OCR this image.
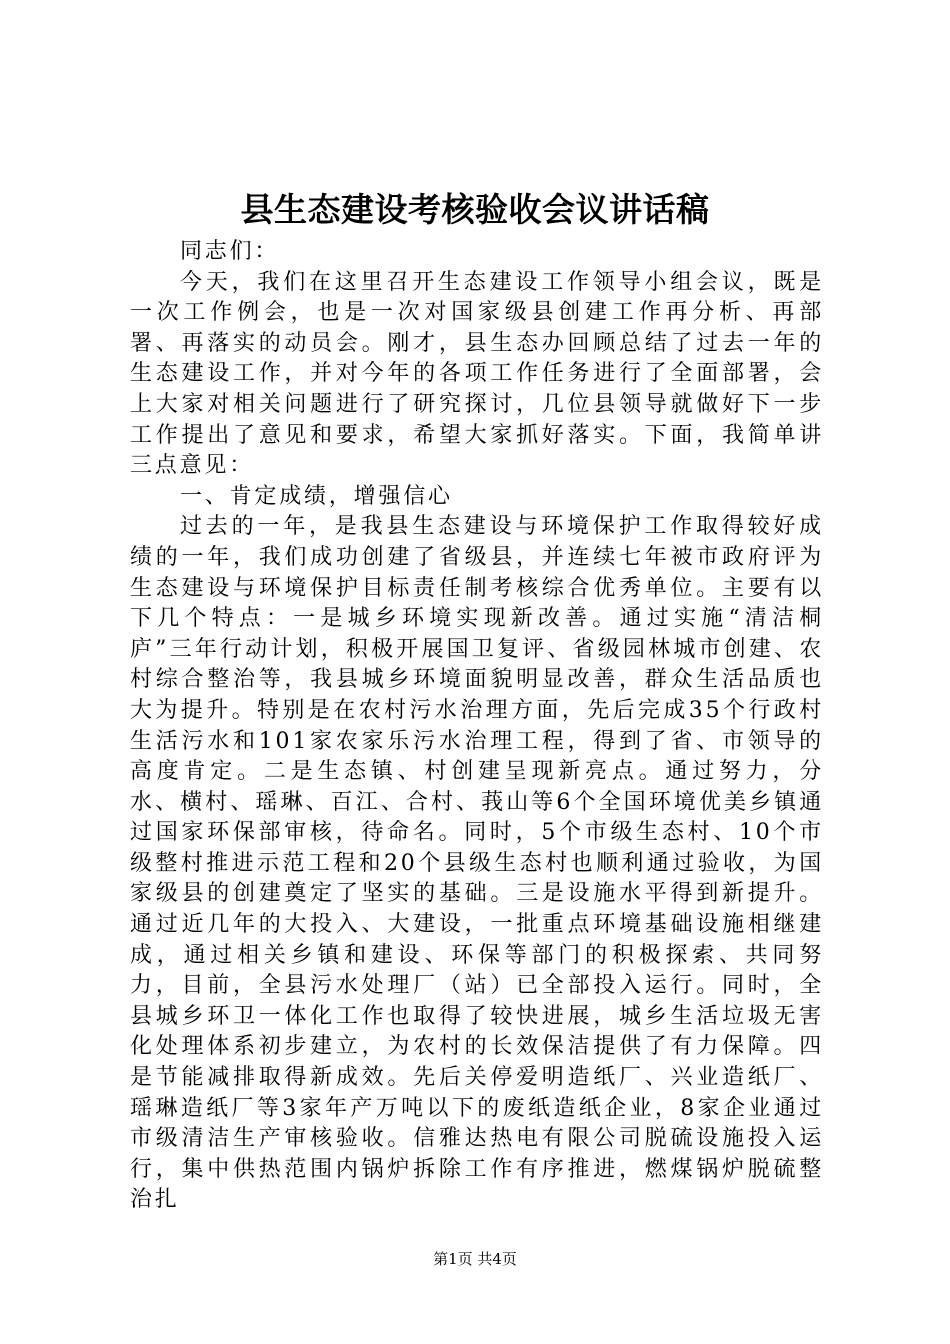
县生态建设考核验收会议讲话稿

同志们：

今天，我们在这里召开生态建设工作领导小组会议，既是一次工作例会，也是一次对国家级县创建工作再分析、再部署、再落实的动员会。刚才，县生态办回顾总结了过去一年的生态建设工作，并对今年的各项工作任务进行了全面部署，会上大家对相关问题进行了研究探讨，几位县领导就做好下一步工作提出了意见和要求，希望大家抓好落实。下面，我简单讲三点意见：

一、肯定成绩，增强信心

过去的一年，是我县生态建设与环境保护工作取得较好成绩的一年，我们成功创建了省级县，并连续七年被市政府评为生态建设与环境保护目标责任制考核综合优秀单位。主要有以下几个特点：一是城乡环境实现新改善。通过实施“清洁桐庐”三年行动计划，积极开展国卫复评、省级园林城市创建、农村综合整治等，我县城乡环境面貌明显改善，群众生活品质也大为提升。特别是在农村污水治理方面，先后完成35个行政村生活污水和101家农家乐污水治理工程，得到了省、市领导的高度肯定。二是生态镇、村创建呈现新亮点。通过努力，分水、横村、瑶琳、百江、合村、莪山等6个全国环境优美乡镇通过国家环保部审核，待命名。同时，5个市级生态村、10个市级整村推进示范工程和20个县级生态村也顺利通过验收，为国家级县的创建奠定了坚实的基础。三是设施水平得到新提升。通过近几年的大投入、大建设，一批重点环境基础设施相继建成，通过相关乡镇和建设、环保等部门的积极探索、共同努力，目前，全县污水处理厂（站）已全部投入运行。同时，全县城乡环卫一体化工作也取得了较快进展，城乡生活垃圾无害化处理体系初步建立，为农村的长效保洁提供了有力保障。四是节能减排取得新成效。先后关停爱明造纸厂、兴业造纸厂、瑶琳造纸厂等3家年产万吨以下的废纸造纸企业，8家企业通过市级清洁生产审核验收。信雅达热电有限公司脱硫设施投入运行，集中供热范围内锅炉拆除工作有序推进，燃煤锅炉脱硫整治扎

第1页 共4页
